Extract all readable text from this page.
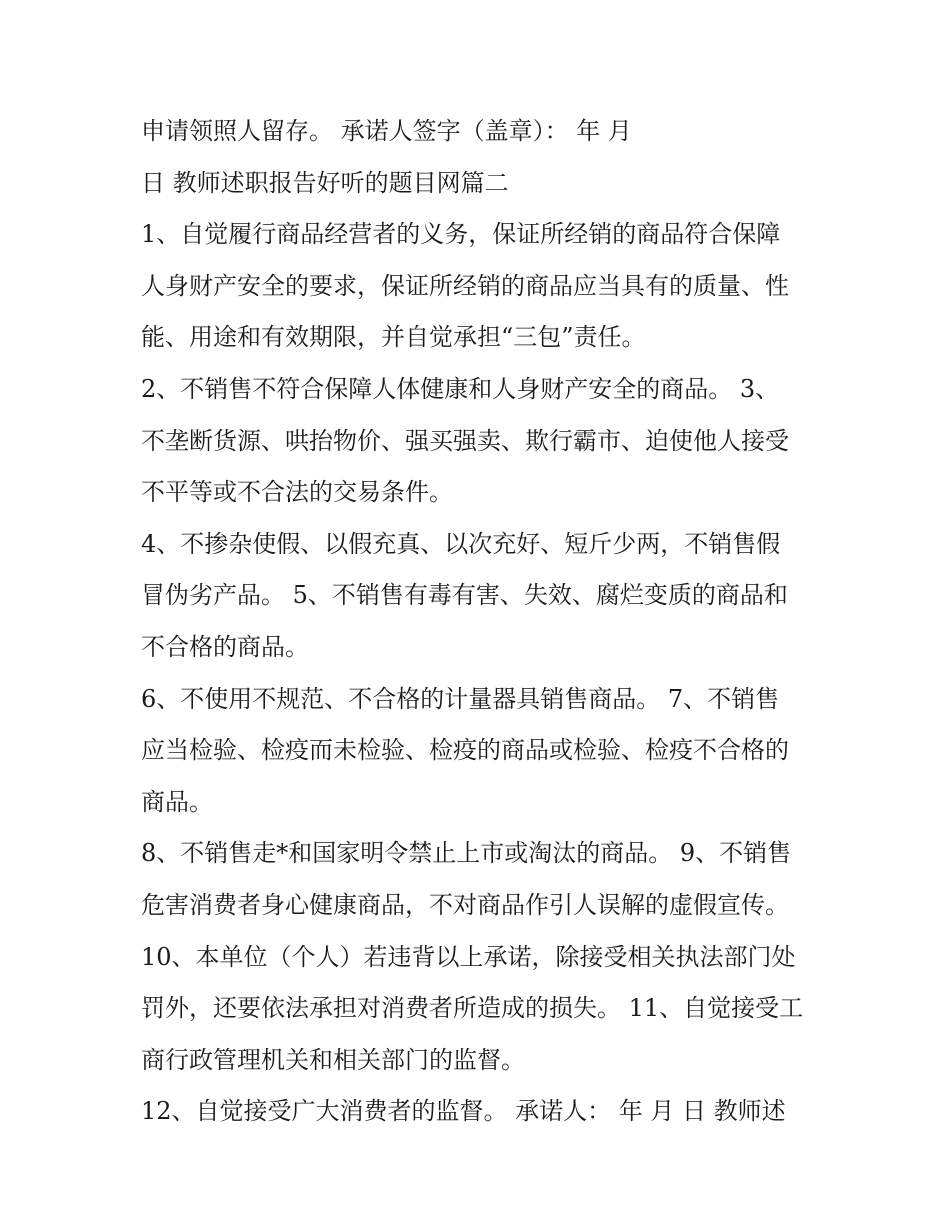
申请领照人留存。 承诺人签字（盖章）： 年 月
日 教师述职报告好听的题目网篇二
1、自觉履行商品经营者的义务，保证所经销的商品符合保障
人身财产安全的要求，保证所经销的商品应当具有的质量、性
能、用途和有效期限，并自觉承担“三包”责任。
2、不销售不符合保障人体健康和人身财产安全的商品。 3、
不垄断货源、哄抬物价、强买强卖、欺行霸市、迫使他人接受
不平等或不合法的交易条件。
4、不掺杂使假、以假充真、以次充好、短斤少两，不销售假
冒伪劣产品。 5、不销售有毒有害、失效、腐烂变质的商品和
不合格的商品。
6、不使用不规范、不合格的计量器具销售商品。 7、不销售
应当检验、检疫而未检验、检疫的商品或检验、检疫不合格的
商品。
8、不销售走*和国家明令禁止上市或淘汰的商品。 9、不销售
危害消费者身心健康商品，不对商品作引人误解的虚假宣传。
10、本单位（个人）若违背以上承诺，除接受相关执法部门处
罚外，还要依法承担对消费者所造成的损失。 11、自觉接受工
商行政管理机关和相关部门的监督。
12、自觉接受广大消费者的监督。 承诺人： 年 月 日 教师述
